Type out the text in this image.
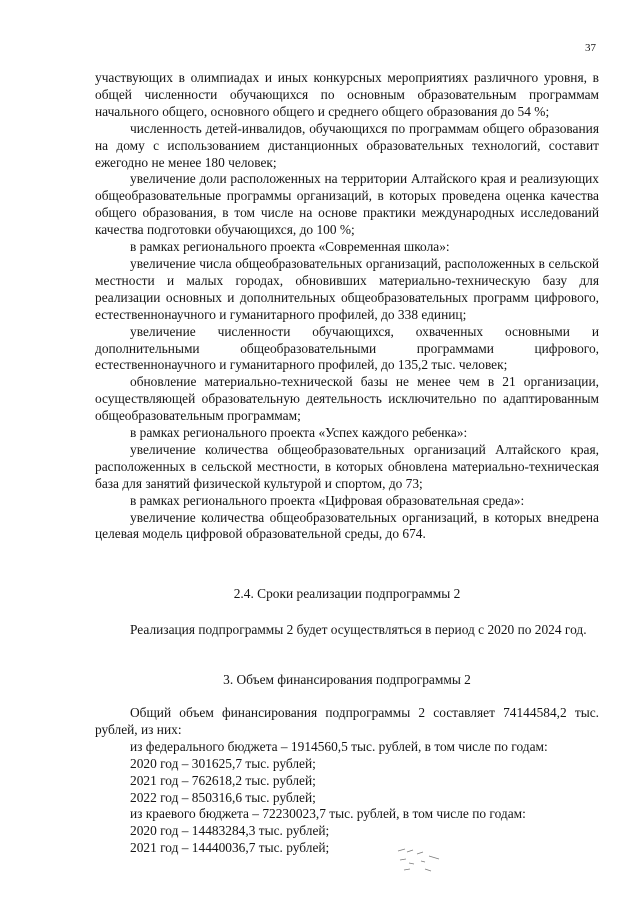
37

участвующих в олимпиадах и иных конкурсных мероприятиях различного уровня, в общей численности обучающихся по основным образовательным программам начального общего, основного общего и среднего общего образования до 54 %;

численность детей-инвалидов, обучающихся по программам общего образования на дому с использованием дистанционных образовательных технологий, составит ежегодно не менее 180 человек;

увеличение доли расположенных на территории Алтайского края и реализующих общеобразовательные программы организаций, в которых проведена оценка качества общего образования, в том числе на основе практики международных исследований качества подготовки обучающихся, до 100 %;

в рамках регионального проекта «Современная школа»:

увеличение числа общеобразовательных организаций, расположенных в сельской местности и малых городах, обновивших материально-техническую базу для реализации основных и дополнительных общеобразовательных программ цифрового, естественнонаучного и гуманитарного профилей, до 338 единиц;

увеличение численности обучающихся, охваченных основными и дополнительными общеобразовательными программами цифрового, естественнонаучного и гуманитарного профилей, до 135,2 тыс. человек;

обновление материально-технической базы не менее чем в 21 организации, осуществляющей образовательную деятельность исключительно по адаптированным общеобразовательным программам;

в рамках регионального проекта «Успех каждого ребенка»:

увеличение количества общеобразовательных организаций Алтайского края, расположенных в сельской местности, в которых обновлена материально-техническая база для занятий физической культурой и спортом, до 73;

в рамках регионального проекта «Цифровая образовательная среда»:

увеличение количества общеобразовательных организаций, в которых внедрена целевая модель цифровой образовательной среды, до 674.

2.4. Сроки реализации подпрограммы 2

Реализация подпрограммы 2 будет осуществляться в период с 2020 по 2024 год.

3. Объем финансирования подпрограммы 2

Общий объем финансирования подпрограммы 2 составляет 74144584,2 тыс. рублей, из них:

из федерального бюджета – 1914560,5 тыс. рублей, в том числе по годам:

2020 год – 301625,7 тыс. рублей;

2021 год – 762618,2 тыс. рублей;

2022 год – 850316,6 тыс. рублей;

из краевого бюджета – 72230023,7 тыс. рублей, в том числе по годам:

2020 год – 14483284,3 тыс. рублей;

2021 год – 14440036,7 тыс. рублей;
